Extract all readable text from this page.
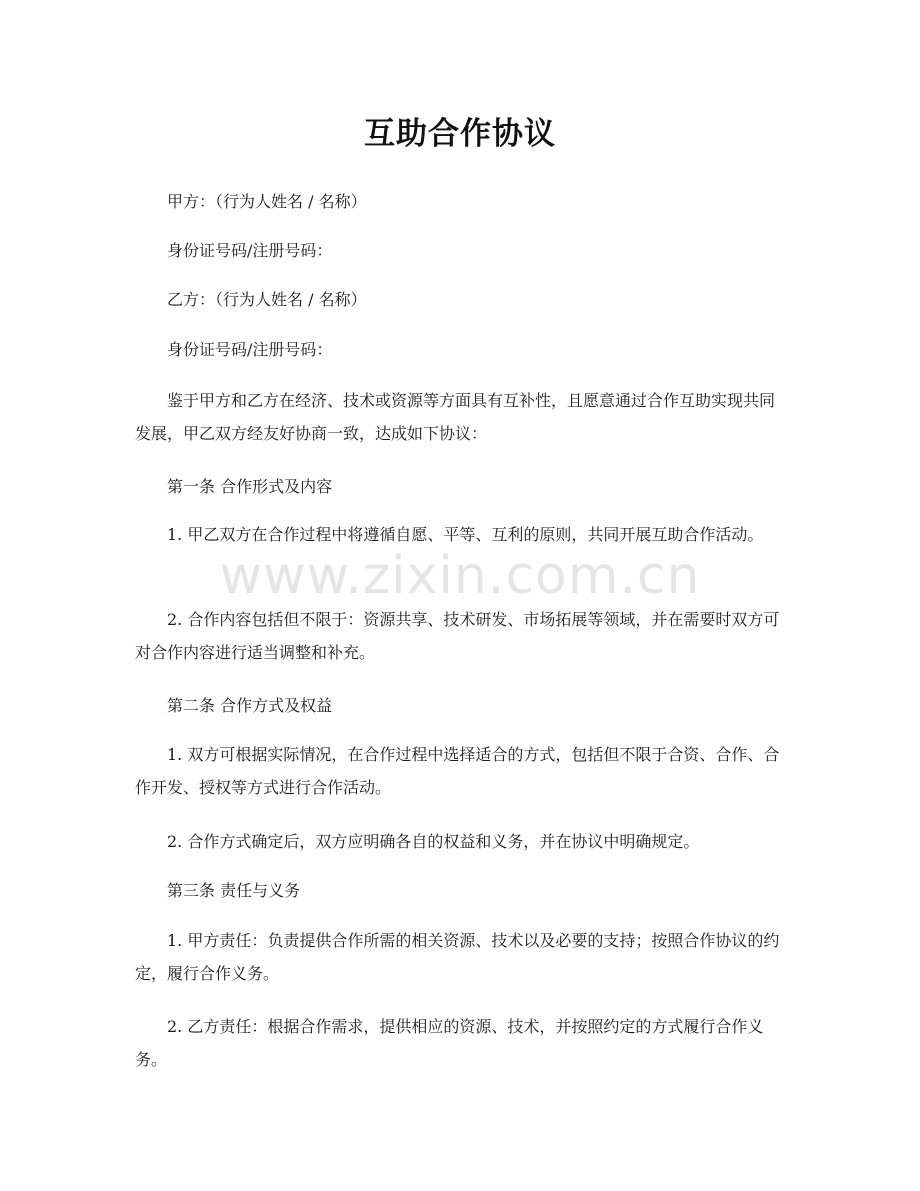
互助合作协议
甲方：（行为人姓名 / 名称）
身份证号码/注册号码：
乙方：（行为人姓名 / 名称）
身份证号码/注册号码：
鉴于甲方和乙方在经济、技术或资源等方面具有互补性，且愿意通过合作互助实现共同发展，甲乙双方经友好协商一致，达成如下协议：
第一条 合作形式及内容
1. 甲乙双方在合作过程中将遵循自愿、平等、互利的原则，共同开展互助合作活动。
2. 合作内容包括但不限于：资源共享、技术研发、市场拓展等领域，并在需要时双方可对合作内容进行适当调整和补充。
第二条 合作方式及权益
1. 双方可根据实际情况，在合作过程中选择适合的方式，包括但不限于合资、合作、合作开发、授权等方式进行合作活动。
2. 合作方式确定后，双方应明确各自的权益和义务，并在协议中明确规定。
第三条 责任与义务
1. 甲方责任：负责提供合作所需的相关资源、技术以及必要的支持；按照合作协议的约定，履行合作义务。
2. 乙方责任：根据合作需求，提供相应的资源、技术，并按照约定的方式履行合作义务。
www.zixin.com.cn
